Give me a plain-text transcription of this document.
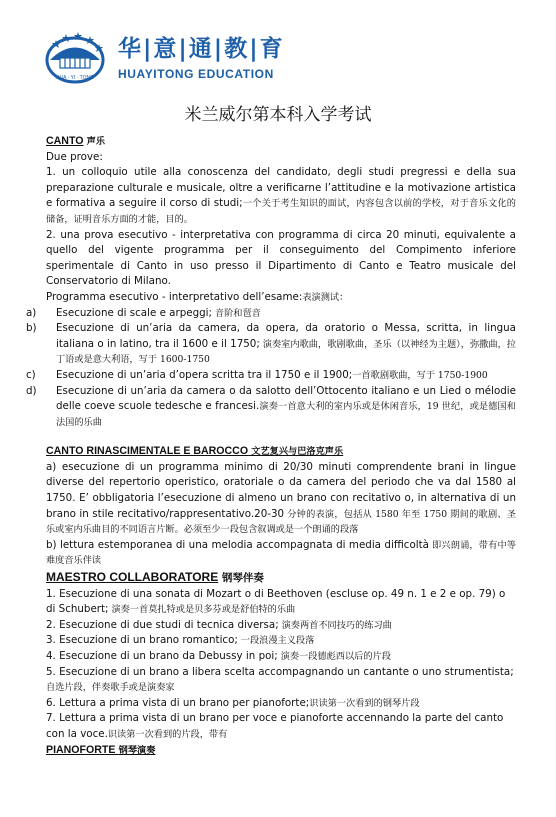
HUA · YI · TONG
华|意|通|教|育
HUAYITONG EDUCATION
米兰威尔第本科入学考试

CANTO 声乐

Due prove:

1. un colloquio utile alla conoscenza del candidato, degli studi pregressi e della sua preparazione culturale e musicale, oltre a verificarne l’attitudine e la motivazione artistica e formativa a seguire il corso di studi;一个关于考生知识的面试，内容包含以前的学校，对于音乐文化的储备，证明音乐方面的才能，目的。

2. una prova esecutivo - interpretativa con programma di circa 20 minuti, equivalente a quello del vigente programma per il conseguimento del Compimento inferiore sperimentale di Canto in uso presso il Dipartimento di Canto e Teatro musicale del Conservatorio di Milano.

Programma esecutivo - interpretativo dell’esame:表演测试：

a) Esecuzione di scale e arpeggi; 音阶和琶音

b) Esecuzione di un’aria da camera, da opera, da oratorio o Messa, scritta, in lingua italiana o in latino, tra il 1600 e il 1750; 演奏室内歌曲，歌剧歌曲，圣乐（以神经为主题），弥撒曲，拉丁语或是意大利语，写于 1600-1750

c) Esecuzione di un’aria d’opera scritta tra il 1750 e il 1900;一首歌剧歌曲，写于 1750-1900

d) Esecuzione di un’aria da camera o da salotto dell’Ottocento italiano e un Lied o mélodie delle coeve scuole tedesche e francesi.演奏一首意大利的室内乐或是休闲音乐，19 世纪，或是德国和法国的乐曲

CANTO RINASCIMENTALE E BAROCCO 文艺复兴与巴洛克声乐

a) esecuzione di un programma minimo di 20/30 minuti comprendente brani in lingue diverse del repertorio operistico, oratoriale o da camera del periodo che va dal 1580 al 1750. E’ obbligatoria l’esecuzione di almeno un brano con recitativo o, in alternativa di un brano in stile recitativo/rappresentativo.20-30 分钟的表演，包括从 1580 年至 1750 期间的歌剧、圣乐或室内乐曲目的不同语言片断。必须至少一段包含叙调或是一个朗诵的段落

b) lettura estemporanea di una melodia accompagnata di media difficoltà 即兴朗诵，带有中等难度音乐伴读

MAESTRO COLLABORATORE 钢琴伴奏

1. Esecuzione di una sonata di Mozart o di Beethoven (escluse op. 49 n. 1 e 2 e op. 79) o di Schubert; 演奏一首莫扎特或是贝多芬或是舒伯特的乐曲

2. Esecuzione di due studi di tecnica diversa; 演奏两首不同技巧的练习曲

3. Esecuzione di un brano romantico; 一段浪漫主义段落

4. Esecuzione di un brano da Debussy in poi; 演奏一段德彪西以后的片段

5. Esecuzione di un brano a libera scelta accompagnando un cantante o uno strumentista; 自选片段，伴奏歌手或是演奏家

6. Lettura a prima vista di un brano per pianoforte;识读第一次看到的钢琴片段

7. Lettura a prima vista di un brano per voce e pianoforte accennando la parte del canto con la voce.识读第一次看到的片段，带有

PIANOFORTE 钢琴演奏
